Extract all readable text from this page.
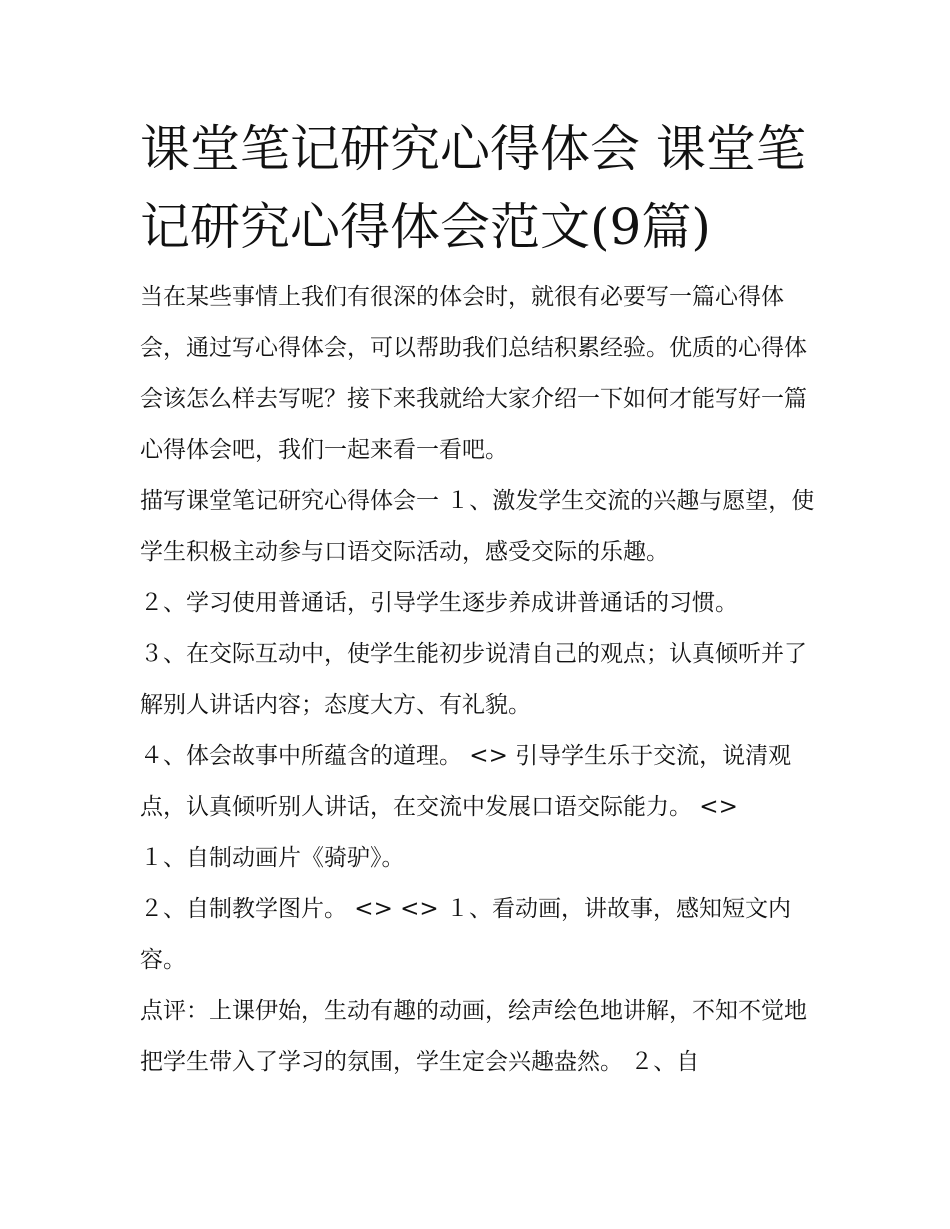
课堂笔记研究心得体会 课堂笔记研究心得体会范文(9篇)

当在某些事情上我们有很深的体会时，就很有必要写一篇心得体会，通过写心得体会，可以帮助我们总结积累经验。优质的心得体会该怎么样去写呢？接下来我就给大家介绍一下如何才能写好一篇心得体会吧，我们一起来看一看吧。

描写课堂笔记研究心得体会一 １、激发学生交流的兴趣与愿望，使学生积极主动参与口语交际活动，感受交际的乐趣。

２、学习使用普通话，引导学生逐步养成讲普通话的习惯。

３、在交际互动中，使学生能初步说清自己的观点；认真倾听并了解别人讲话内容；态度大方、有礼貌。

４、体会故事中所蕴含的道理。 <> 引导学生乐于交流，说清观点，认真倾听别人讲话，在交流中发展口语交际能力。 <>

１、自制动画片《骑驴》。

２、自制教学图片。 <> <> １、看动画，讲故事，感知短文内容。

点评：上课伊始，生动有趣的动画，绘声绘色地讲解，不知不觉地把学生带入了学习的氛围，学生定会兴趣盎然。 ２、自
